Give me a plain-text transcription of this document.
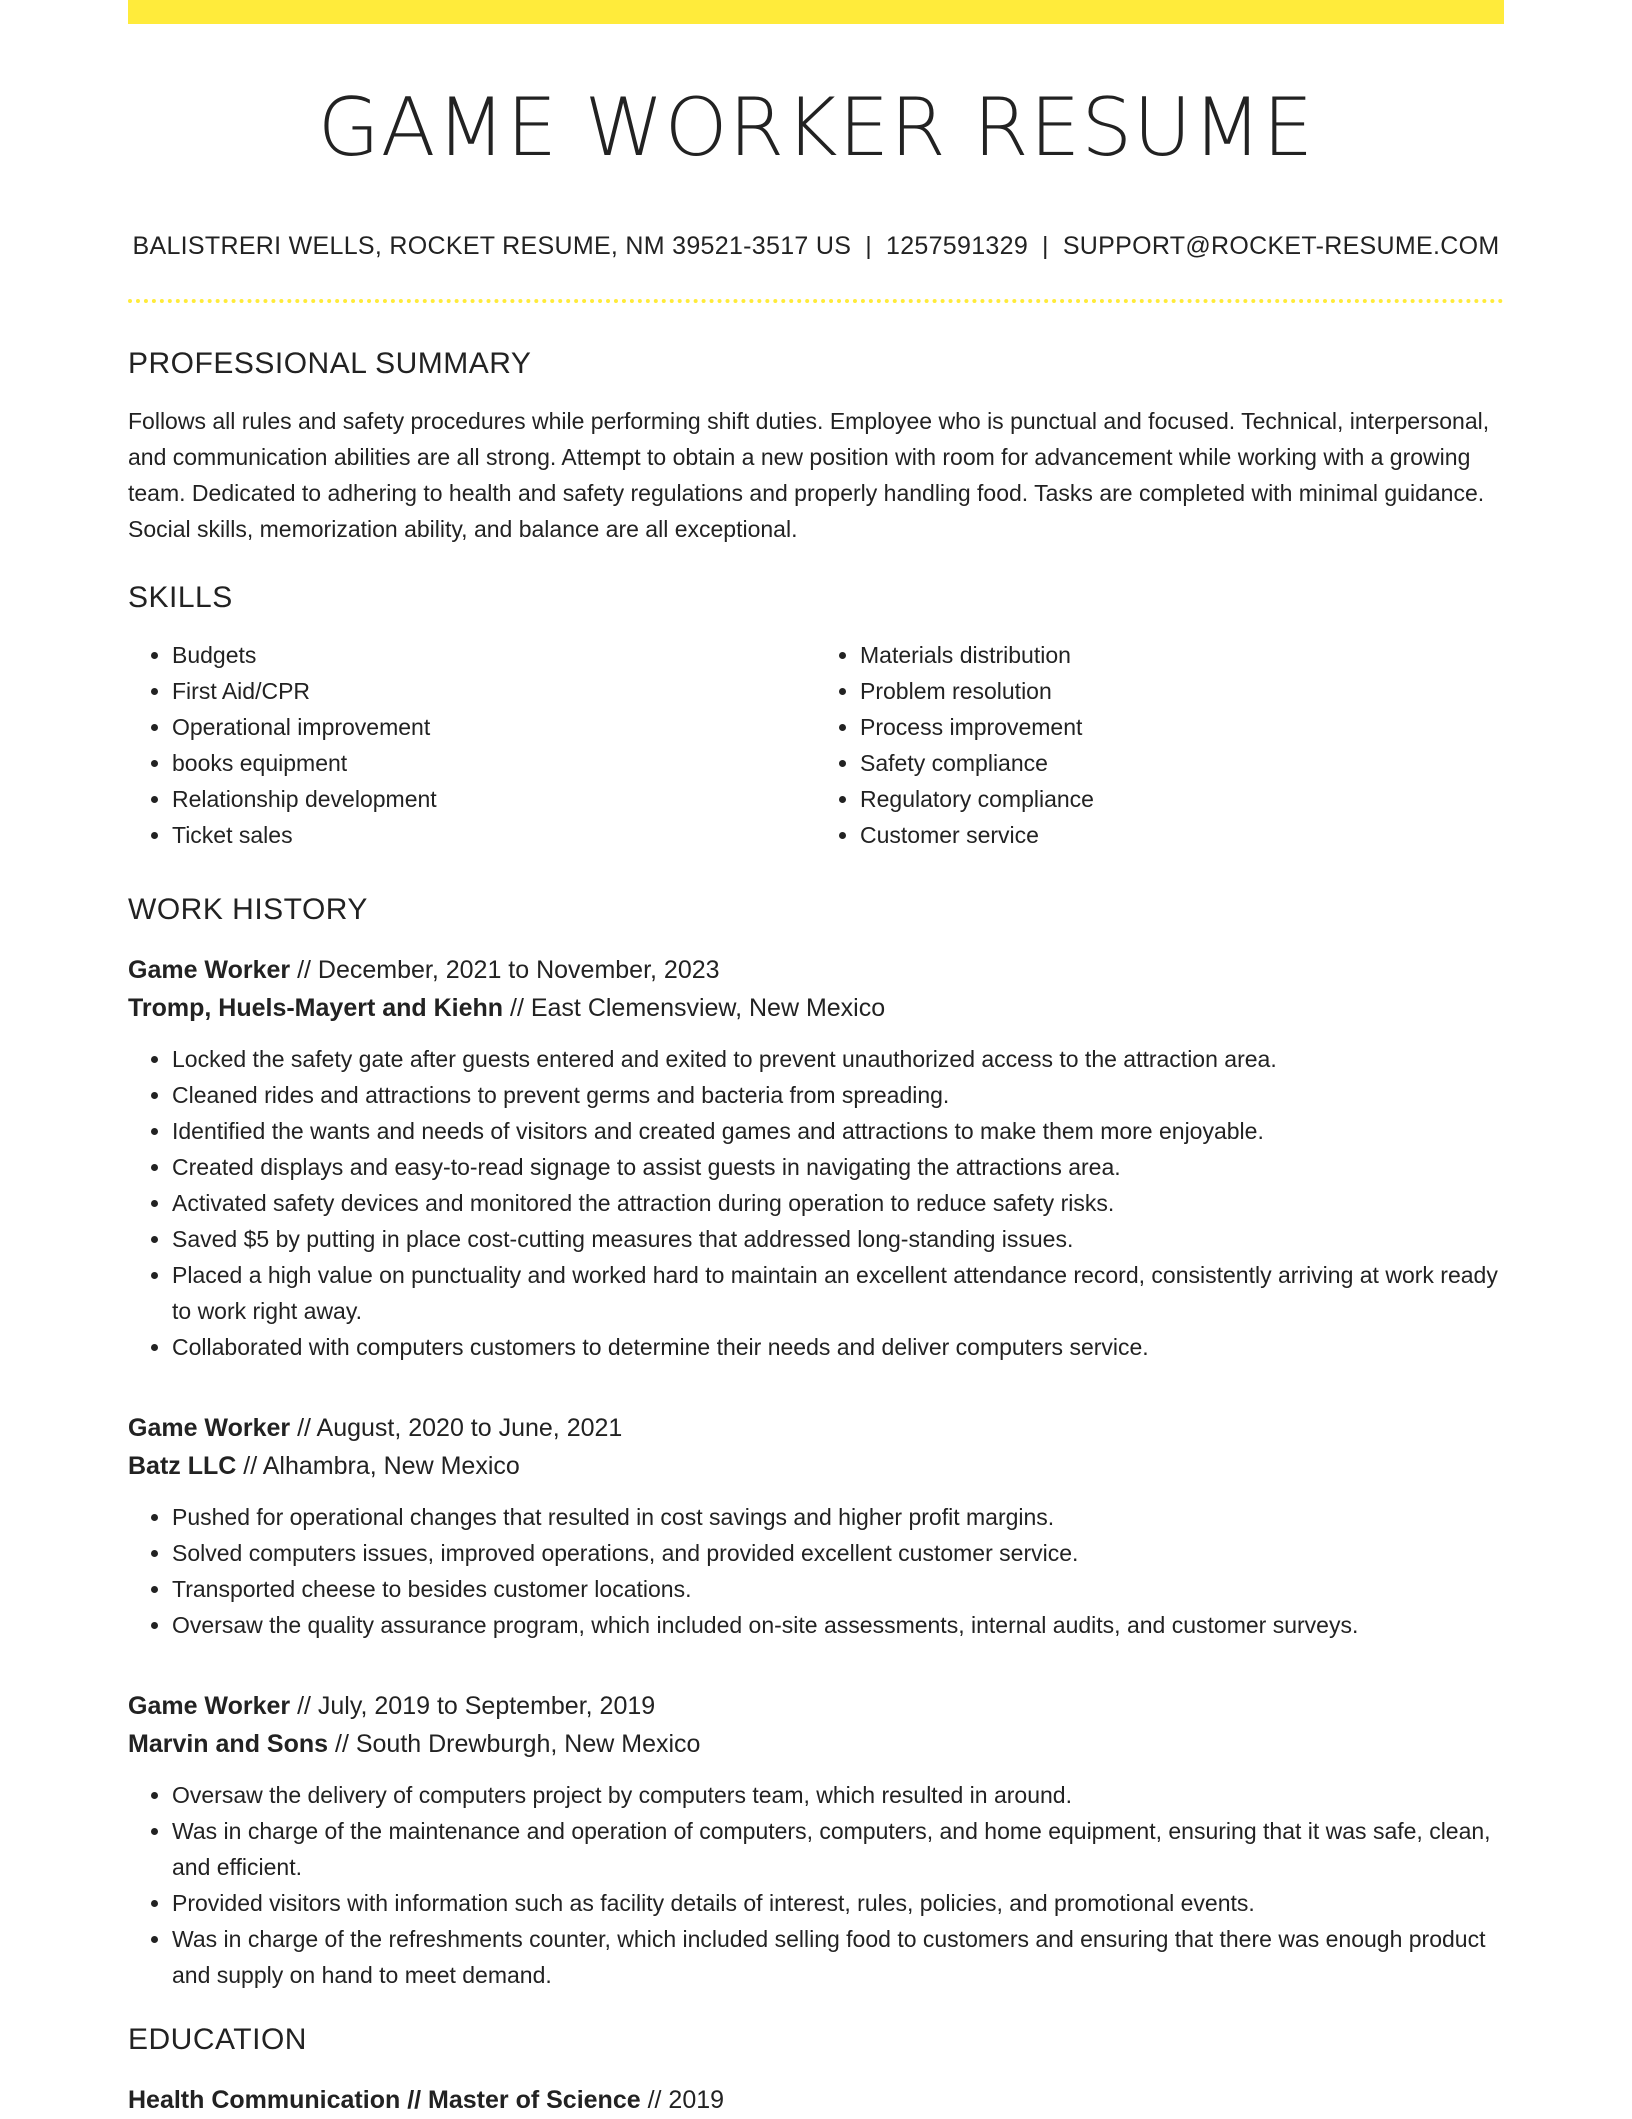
GAME WORKER RESUME
BALISTRERI WELLS, ROCKET RESUME, NM 39521-3517 US | 1257591329 | SUPPORT@ROCKET-RESUME.COM
PROFESSIONAL SUMMARY
Follows all rules and safety procedures while performing shift duties. Employee who is punctual and focused. Technical, interpersonal, and communication abilities are all strong. Attempt to obtain a new position with room for advancement while working with a growing team. Dedicated to adhering to health and safety regulations and properly handling food. Tasks are completed with minimal guidance. Social skills, memorization ability, and balance are all exceptional.
SKILLS
• Budgets
• First Aid/CPR
• Operational improvement
• books equipment
• Relationship development
• Ticket sales
• Materials distribution
• Problem resolution
• Process improvement
• Safety compliance
• Regulatory compliance
• Customer service
WORK HISTORY
Game Worker // December, 2021 to November, 2023
Tromp, Huels-Mayert and Kiehn // East Clemensview, New Mexico
• Locked the safety gate after guests entered and exited to prevent unauthorized access to the attraction area.
• Cleaned rides and attractions to prevent germs and bacteria from spreading.
• Identified the wants and needs of visitors and created games and attractions to make them more enjoyable.
• Created displays and easy-to-read signage to assist guests in navigating the attractions area.
• Activated safety devices and monitored the attraction during operation to reduce safety risks.
• Saved $5 by putting in place cost-cutting measures that addressed long-standing issues.
• Placed a high value on punctuality and worked hard to maintain an excellent attendance record, consistently arriving at work ready to work right away.
• Collaborated with computers customers to determine their needs and deliver computers service.
Game Worker // August, 2020 to June, 2021
Batz LLC // Alhambra, New Mexico
• Pushed for operational changes that resulted in cost savings and higher profit margins.
• Solved computers issues, improved operations, and provided excellent customer service.
• Transported cheese to besides customer locations.
• Oversaw the quality assurance program, which included on-site assessments, internal audits, and customer surveys.
Game Worker // July, 2019 to September, 2019
Marvin and Sons // South Drewburgh, New Mexico
• Oversaw the delivery of computers project by computers team, which resulted in around.
• Was in charge of the maintenance and operation of computers, computers, and home equipment, ensuring that it was safe, clean, and efficient.
• Provided visitors with information such as facility details of interest, rules, policies, and promotional events.
• Was in charge of the refreshments counter, which included selling food to customers and ensuring that there was enough product and supply on hand to meet demand.
EDUCATION
Health Communication // Master of Science // 2019
